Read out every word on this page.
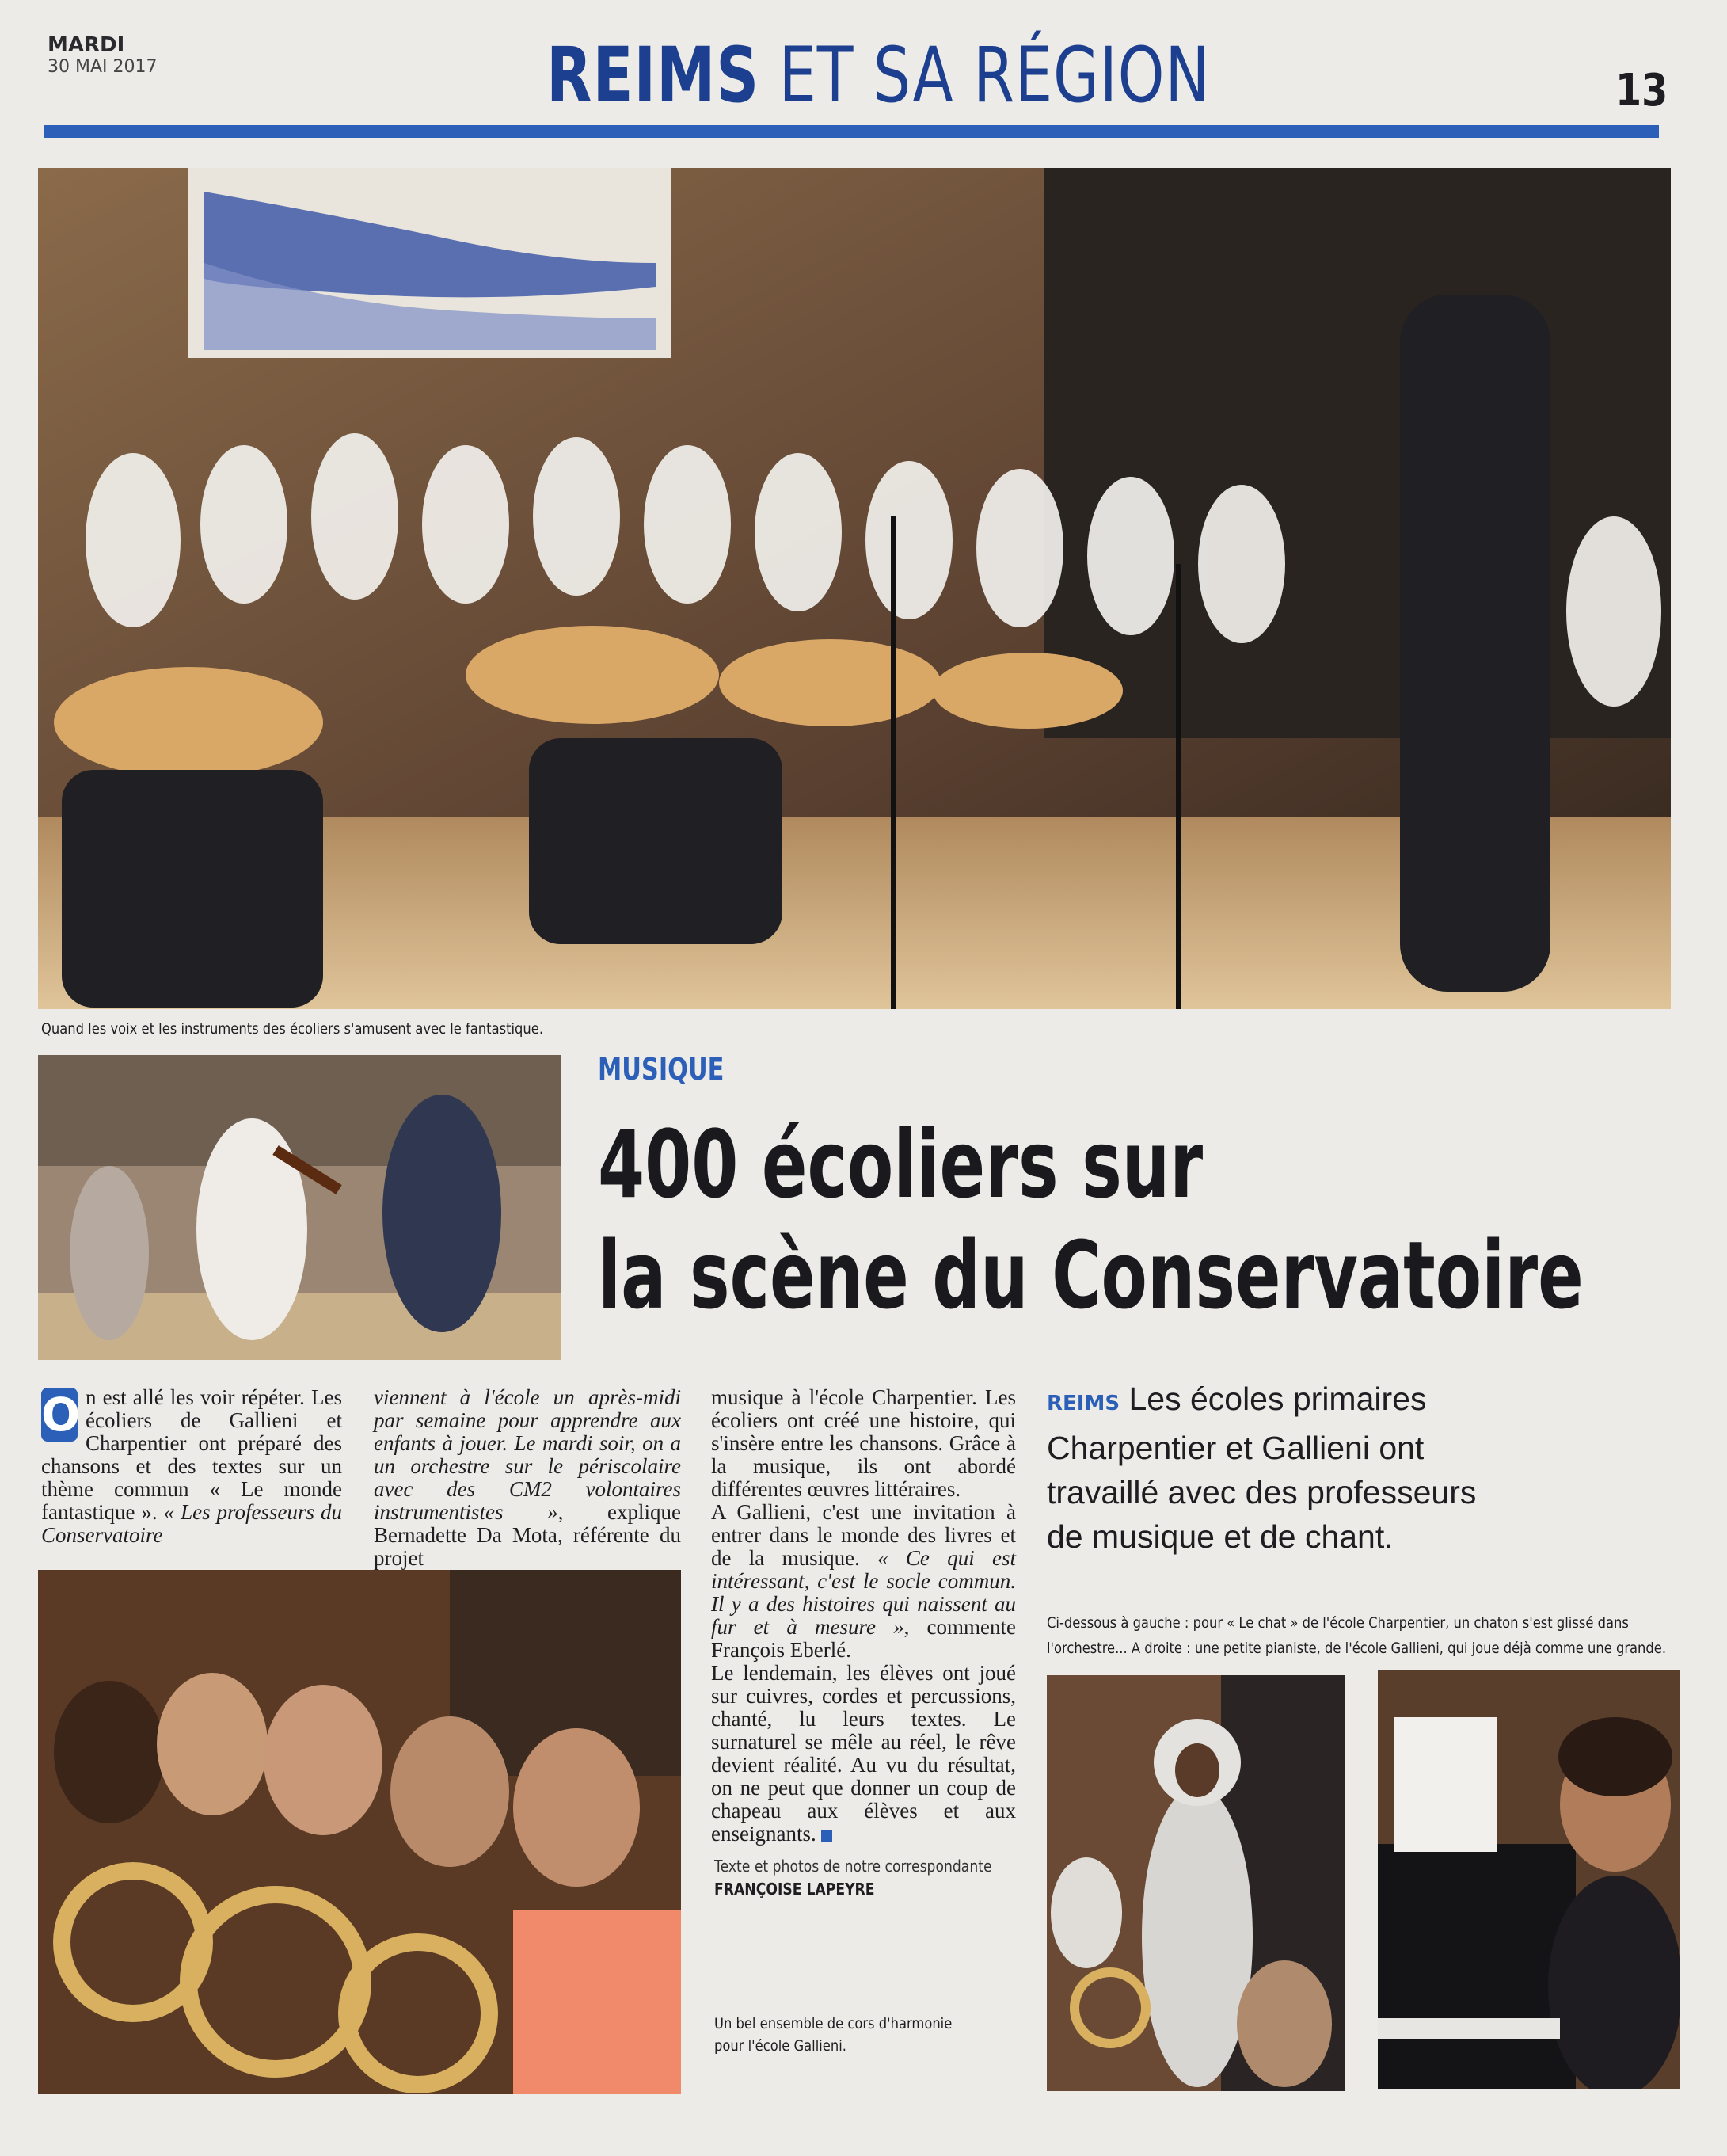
MARDI
30 MAI 2017	REIMS ET SA RÉGION	13
Quand les voix et les instruments des écoliers s'amusent avec le fantastique.
MUSIQUE
400 écoliers sur
la scène du Conservatoire

O n est allé les voir répéter. Les écoliers de Gallieni et Charpentier ont préparé des chansons et des textes sur un thème commun « Le monde fantastique ». « Les professeurs du Conservatoire

viennent à l'école un après-midi par semaine pour apprendre aux enfants à jouer. Le mardi soir, on a un orchestre sur le périscolaire avec des CM2 volontaires instrumentistes », explique Bernadette Da Mota, référente du projet

musique à l'école Charpentier. Les écoliers ont créé une histoire, qui s'insère entre les chansons. Grâce à la musique, ils ont abordé différentes œuvres littéraires.

A Gallieni, c'est une invitation à entrer dans le monde des livres et de la musique. « Ce qui est intéressant, c'est le socle commun. Il y a des histoires qui naissent au fur et à mesure », commente François Eberlé.

Le lendemain, les élèves ont joué sur cuivres, cordes et percussions, chanté, lu leurs textes. Le surnaturel se mêle au réel, le rêve devient réalité. Au vu du résultat, on ne peut que donner un coup de chapeau aux élèves et aux enseignants.

Texte et photos de notre correspondante
FRANÇOISE LAPEYRE
REIMS Les écoles primaires Charpentier et Gallieni ont travaillé avec des professeurs de musique et de chant.
Un bel ensemble de cors d'harmonie
pour l'école Gallieni.
Ci-dessous à gauche : pour « Le chat » de l'école Charpentier, un chaton s'est glissé dans
l'orchestre... A droite : une petite pianiste, de l'école Gallieni, qui joue déjà comme une grande.
